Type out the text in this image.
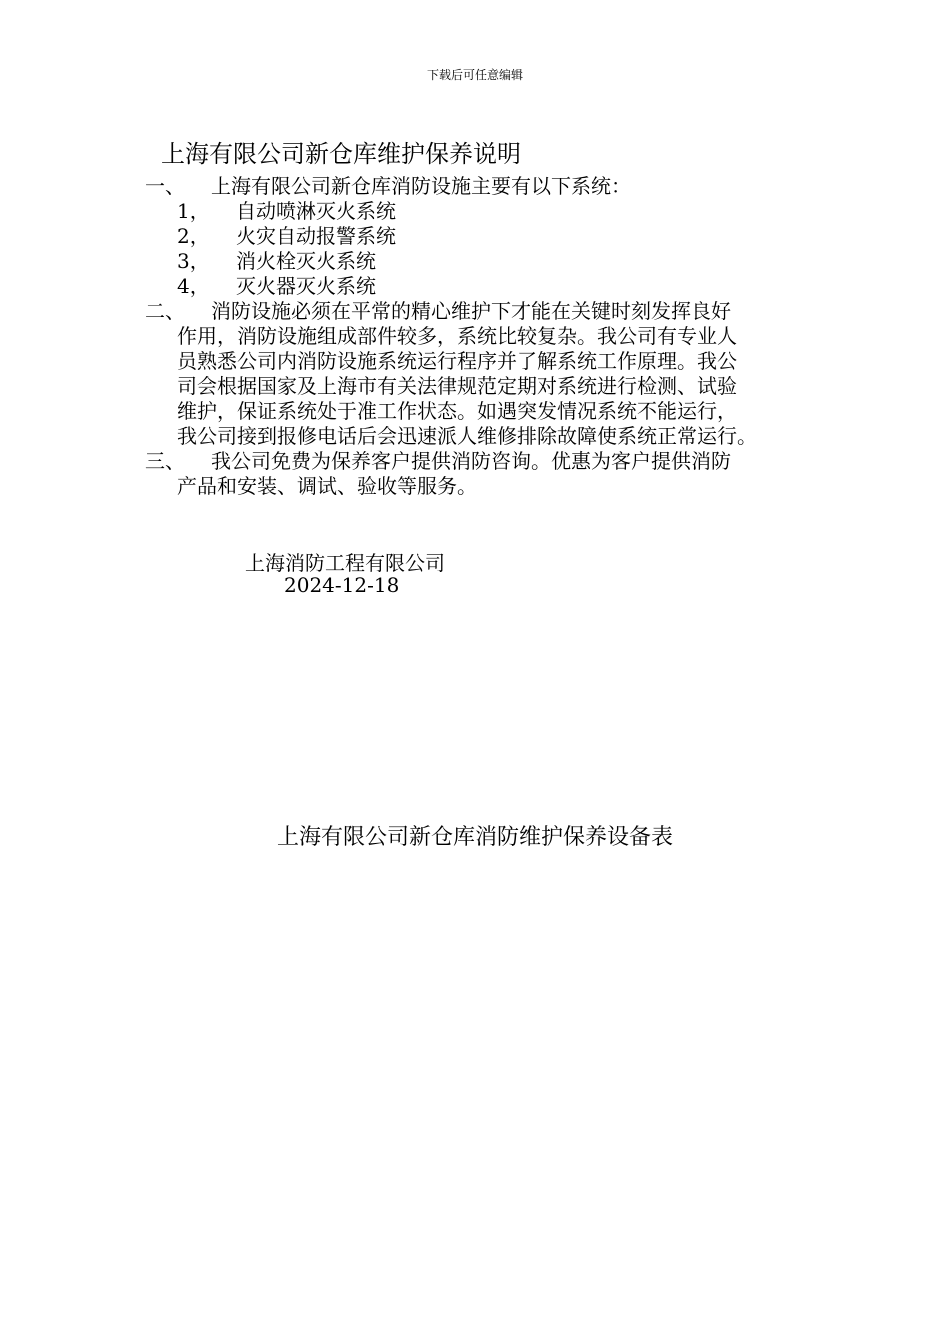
下载后可任意编辑
上海有限公司新仓库维护保养说明
一、 上海有限公司新仓库消防设施主要有以下系统：
1， 自动喷淋灭火系统
2， 火灾自动报警系统
3， 消火栓灭火系统
4， 灭火器灭火系统
二、 消防设施必须在平常的精心维护下才能在关键时刻发挥良好
作用，消防设施组成部件较多，系统比较复杂。我公司有专业人
员熟悉公司内消防设施系统运行程序并了解系统工作原理。我公
司会根据国家及上海市有关法律规范定期对系统进行检测、试验
维护，保证系统处于准工作状态。如遇突发情况系统不能运行，
我公司接到报修电话后会迅速派人维修排除故障使系统正常运行。
三、 我公司免费为保养客户提供消防咨询。优惠为客户提供消防
产品和安装、调试、验收等服务。
上海消防工程有限公司
2024-12-18
上海有限公司新仓库消防维护保养设备表
